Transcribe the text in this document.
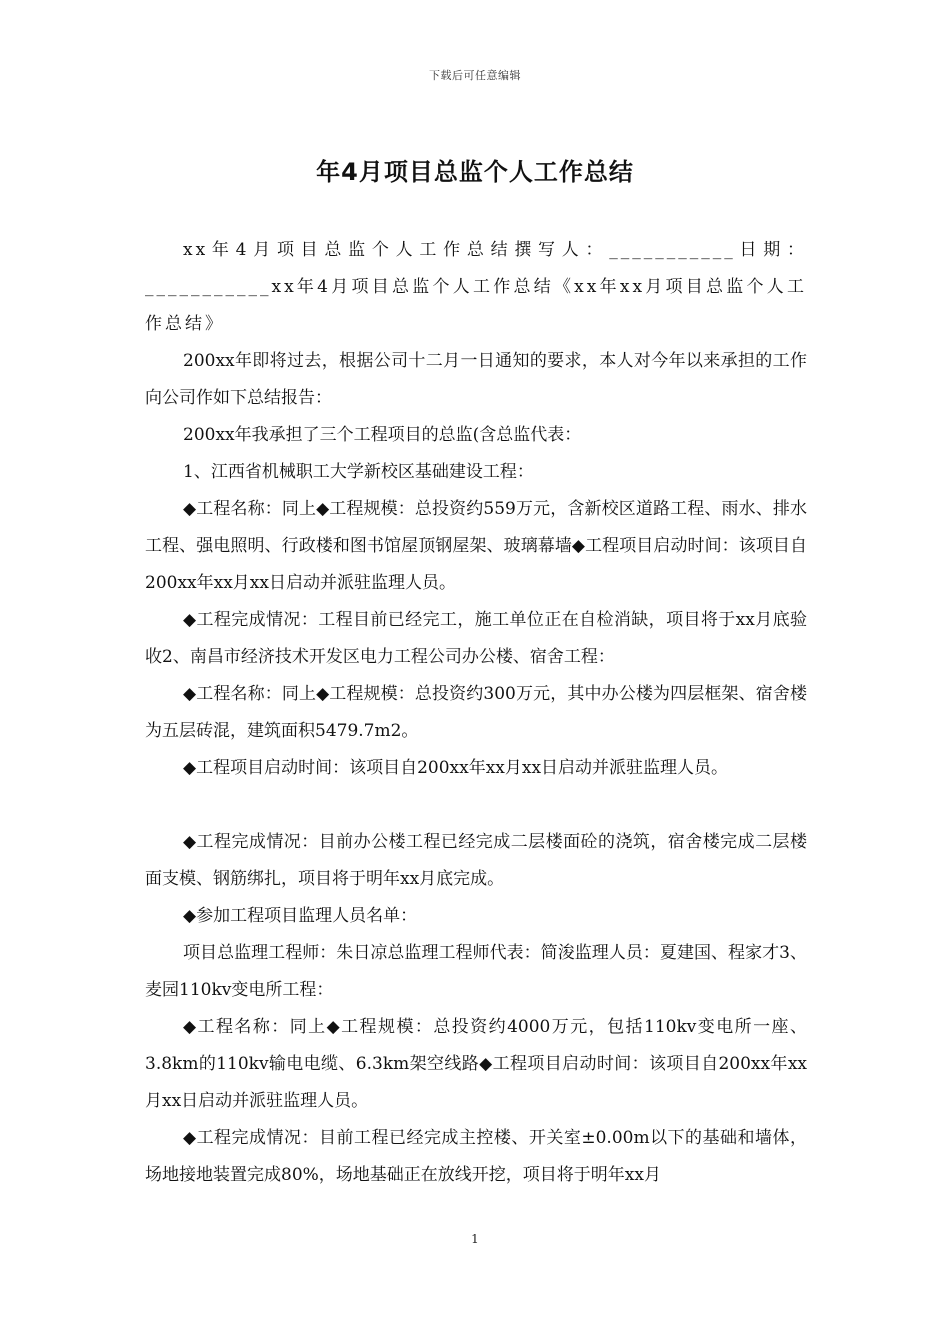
下载后可任意编辑
年4月项目总监个人工作总结

xx年4月项目总监个人工作总结撰写人：___________日期：___________xx年4月项目总监个人工作总结《xx年xx月项目总监个人工作总结》

200xx年即将过去，根据公司十二月一日通知的要求，本人对今年以来承担的工作向公司作如下总结报告：

200xx年我承担了三个工程项目的总监(含总监代表：

1、江西省机械职工大学新校区基础建设工程：

◆工程名称：同上◆工程规模：总投资约559万元，含新校区道路工程、雨水、排水工程、强电照明、行政楼和图书馆屋顶钢屋架、玻璃幕墙◆工程项目启动时间：该项目自200xx年xx月xx日启动并派驻监理人员。

◆工程完成情况：工程目前已经完工，施工单位正在自检消缺，项目将于xx月底验收2、南昌市经济技术开发区电力工程公司办公楼、宿舍工程：

◆工程名称：同上◆工程规模：总投资约300万元，其中办公楼为四层框架、宿舍楼为五层砖混，建筑面积5479.7m2。

◆工程项目启动时间：该项目自200xx年xx月xx日启动并派驻监理人员。

◆工程完成情况：目前办公楼工程已经完成二层楼面砼的浇筑，宿舍楼完成二层楼面支模、钢筋绑扎，项目将于明年xx月底完成。

◆参加工程项目监理人员名单：

项目总监理工程师：朱日凉总监理工程师代表：简浚监理人员：夏建国、程家才3、麦园110kv变电所工程：

◆工程名称：同上◆工程规模：总投资约4000万元，包括110kv变电所一座、3.8km的110kv输电电缆、6.3km架空线路◆工程项目启动时间：该项目自200xx年xx月xx日启动并派驻监理人员。

◆工程完成情况：目前工程已经完成主控楼、开关室±0.00m以下的基础和墙体，场地接地装置完成80%，场地基础正在放线开挖，项目将于明年xx月

1
